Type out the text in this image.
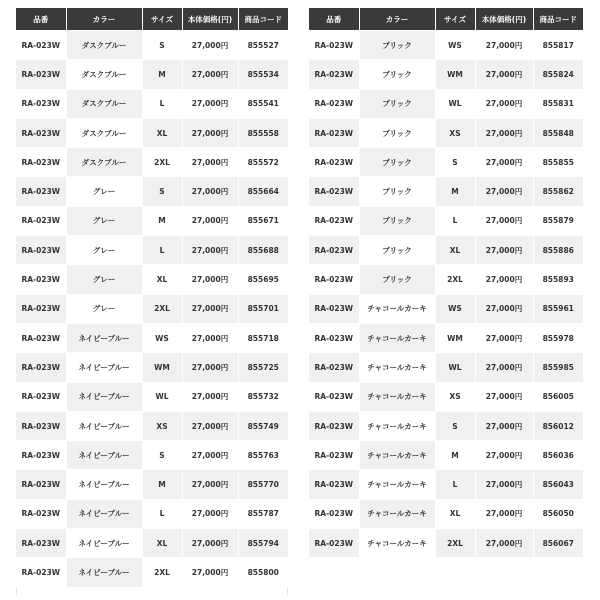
品番	カラー	サイズ	本体価格(円)	商品コード
RA-023W	ダスクブルー	S	27,000円	855527
RA-023W	ダスクブルー	M	27,000円	855534
RA-023W	ダスクブルー	L	27,000円	855541
RA-023W	ダスクブルー	XL	27,000円	855558
RA-023W	ダスクブルー	2XL	27,000円	855572
RA-023W	グレー	S	27,000円	855664
RA-023W	グレー	M	27,000円	855671
RA-023W	グレー	L	27,000円	855688
RA-023W	グレー	XL	27,000円	855695
RA-023W	グレー	2XL	27,000円	855701
RA-023W	ネイビーブルー	WS	27,000円	855718
RA-023W	ネイビーブルー	WM	27,000円	855725
RA-023W	ネイビーブルー	WL	27,000円	855732
RA-023W	ネイビーブルー	XS	27,000円	855749
RA-023W	ネイビーブルー	S	27,000円	855763
RA-023W	ネイビーブルー	M	27,000円	855770
RA-023W	ネイビーブルー	L	27,000円	855787
RA-023W	ネイビーブルー	XL	27,000円	855794
RA-023W	ネイビーブルー	2XL	27,000円	855800
品番	カラー	サイズ	本体価格(円)	商品コード
RA-023W	ブリック	WS	27,000円	855817
RA-023W	ブリック	WM	27,000円	855824
RA-023W	ブリック	WL	27,000円	855831
RA-023W	ブリック	XS	27,000円	855848
RA-023W	ブリック	S	27,000円	855855
RA-023W	ブリック	M	27,000円	855862
RA-023W	ブリック	L	27,000円	855879
RA-023W	ブリック	XL	27,000円	855886
RA-023W	ブリック	2XL	27,000円	855893
RA-023W	チャコールカーキ	WS	27,000円	855961
RA-023W	チャコールカーキ	WM	27,000円	855978
RA-023W	チャコールカーキ	WL	27,000円	855985
RA-023W	チャコールカーキ	XS	27,000円	856005
RA-023W	チャコールカーキ	S	27,000円	856012
RA-023W	チャコールカーキ	M	27,000円	856036
RA-023W	チャコールカーキ	L	27,000円	856043
RA-023W	チャコールカーキ	XL	27,000円	856050
RA-023W	チャコールカーキ	2XL	27,000円	856067
